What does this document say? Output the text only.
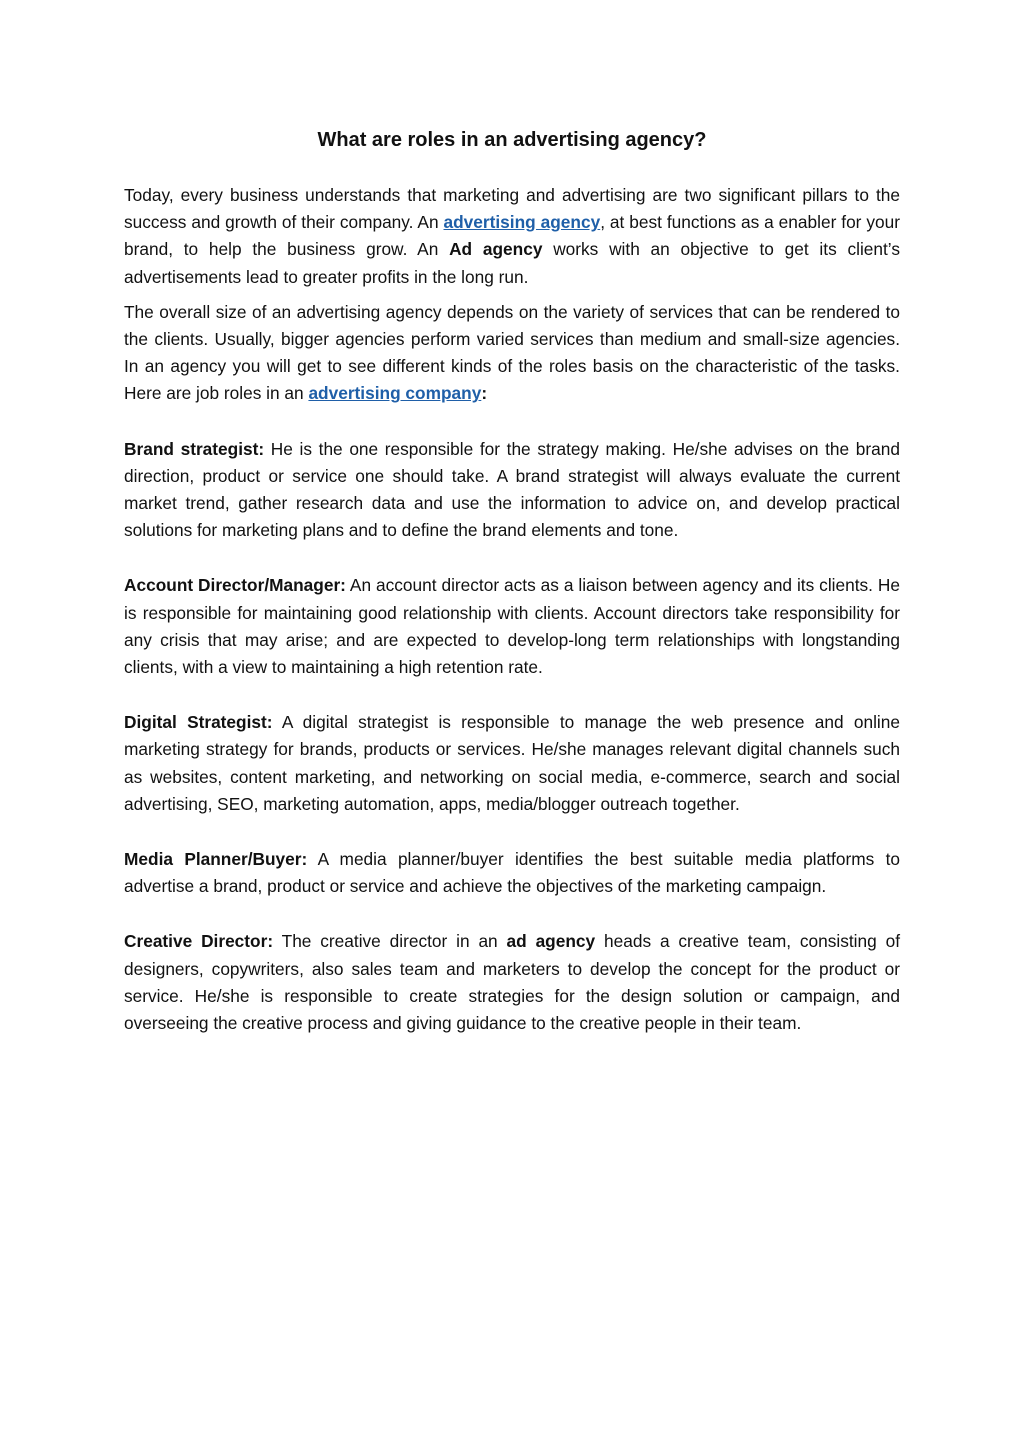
What are roles in an advertising agency?

Today, every business understands that marketing and advertising are two significant pillars to the success and growth of their company. An advertising agency, at best functions as a enabler for your brand, to help the business grow. An Ad agency works with an objective to get its client’s advertisements lead to greater profits in the long run.

The overall size of an advertising agency depends on the variety of services that can be rendered to the clients. Usually, bigger agencies perform varied services than medium and small-size agencies. In an agency you will get to see different kinds of the roles basis on the characteristic of the tasks. Here are job roles in an advertising company:

Brand strategist: He is the one responsible for the strategy making. He/she advises on the brand direction, product or service one should take. A brand strategist will always evaluate the current market trend, gather research data and use the information to advice on, and develop practical solutions for marketing plans and to define the brand elements and tone.

Account Director/Manager: An account director acts as a liaison between agency and its clients. He is responsible for maintaining good relationship with clients. Account directors take responsibility for any crisis that may arise; and are expected to develop-long term relationships with longstanding clients, with a view to maintaining a high retention rate.

Digital Strategist: A digital strategist is responsible to manage the web presence and online marketing strategy for brands, products or services. He/she manages relevant digital channels such as websites, content marketing, and networking on social media, e-commerce, search and social advertising, SEO, marketing automation, apps, media/blogger outreach together.

Media Planner/Buyer: A media planner/buyer identifies the best suitable media platforms to advertise a brand, product or service and achieve the objectives of the marketing campaign.

Creative Director: The creative director in an ad agency heads a creative team, consisting of designers, copywriters, also sales team and marketers to develop the concept for the product or service. He/she is responsible to create strategies for the design solution or campaign, and overseeing the creative process and giving guidance to the creative people in their team.
